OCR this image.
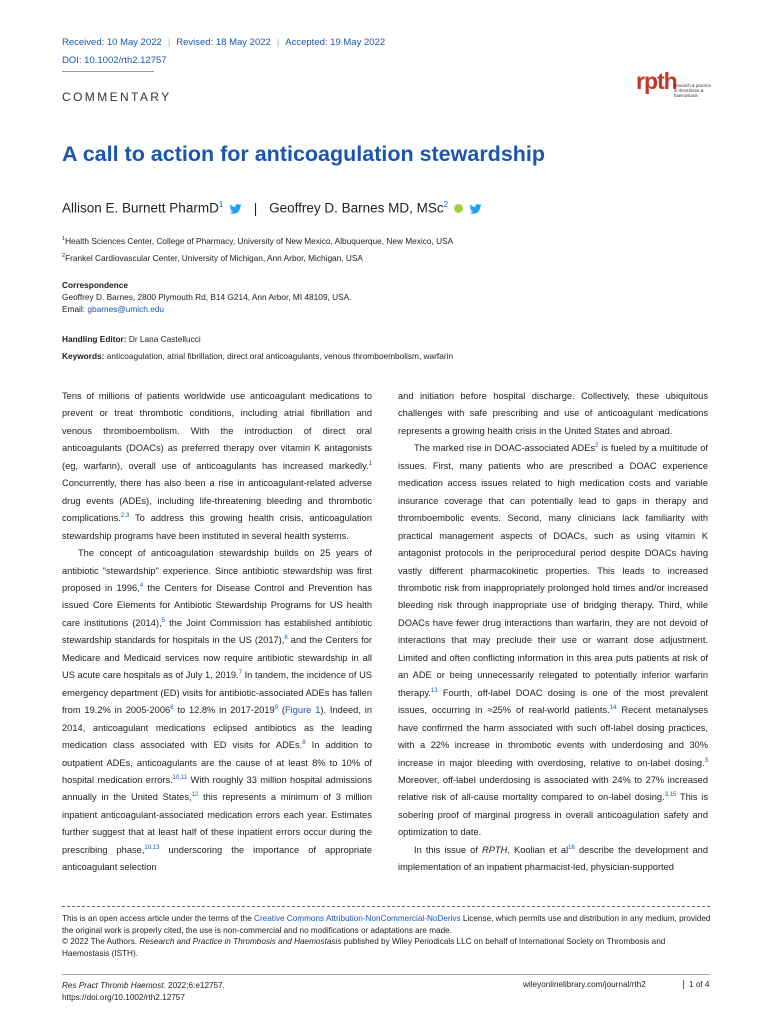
Received: 10 May 2022 | Revised: 18 May 2022 | Accepted: 19 May 2022
DOI: 10.1002/rth2.12757
rpth
research & practice in thrombosis & haemostasis
COMMENTARY
A call to action for anticoagulation stewardship
Allison E. Burnett PharmD$^1$ | Geoffrey D. Barnes MD, MSc$^2$
$^1$Health Sciences Center, College of Pharmacy, University of New Mexico, Albuquerque, New Mexico, USA
$^2$Frankel Cardiovascular Center, University of Michigan, Ann Arbor, Michigan, USA
Correspondence
Geoffrey D. Barnes, 2800 Plymouth Rd, B14 G214, Ann Arbor, MI 48109, USA.
Email: gbarnes@umich.edu
Handling Editor: Dr Lana Castellucci
Keywords: anticoagulation, atrial fibrillation, direct oral anticoagulants, venous thromboembolism, warfarin

Tens of millions of patients worldwide use anticoagulant medications to prevent or treat thrombotic conditions, including atrial fibrillation and venous thromboembolism. With the introduction of direct oral anticoagulants (DOACs) as preferred therapy over vitamin K antagonists (eg, warfarin), overall use of anticoagulants has increased markedly.$^1$ Concurrently, there has also been a rise in anticoagulant-related adverse drug events (ADEs), including life-threatening bleeding and thrombotic complications.$^{2,3}$ To address this growing health crisis, anticoagulation stewardship programs have been instituted in several health systems.

The concept of anticoagulation stewardship builds on 25 years of antibiotic "stewardship" experience. Since antibiotic stewardship was first proposed in 1996,$^4$ the Centers for Disease Control and Prevention has issued Core Elements for Antibiotic Stewardship Programs for US health care institutions (2014),$^5$ the Joint Commission has established antibiotic stewardship standards for hospitals in the US (2017),$^6$ and the Centers for Medicare and Medicaid services now require antibiotic stewardship in all US acute care hospitals as of July 1, 2019.$^7$ In tandem, the incidence of US emergency department (ED) visits for antibiotic-associated ADEs has fallen from 19.2% in 2005-2006$^8$ to 12.8% in 2017-2019$^9$ (Figure 1). Indeed, in 2014, anticoagulant medications eclipsed antibiotics as the leading medication class associated with ED visits for ADEs.$^8$ In addition to outpatient ADEs, anticoagulants are the cause of at least 8% to 10% of hospital medication errors.$^{10,11}$ With roughly 33 million hospital admissions annually in the United States,$^{12}$ this represents a minimum of 3 million inpatient anticoagulant-associated medication errors each year. Estimates further suggest that at least half of these inpatient errors occur during the prescribing phase,$^{10,13}$ underscoring the importance of appropriate anticoagulant selection

and initiation before hospital discharge. Collectively, these ubiquitous challenges with safe prescribing and use of anticoagulant medications represents a growing health crisis in the United States and abroad.

The marked rise in DOAC-associated ADEs$^2$ is fueled by a multitude of issues. First, many patients who are prescribed a DOAC experience medication access issues related to high medication costs and variable insurance coverage that can potentially lead to gaps in therapy and thromboembolic events. Second, many clinicians lack familiarity with practical management aspects of DOACs, such as using vitamin K antagonist protocols in the periprocedural period despite DOACs having vastly different pharmacokinetic properties. This leads to increased thrombotic risk from inappropriately prolonged hold times and/or increased bleeding risk through inappropriate use of bridging therapy. Third, while DOACs have fewer drug interactions than warfarin, they are not devoid of interactions that may preclude their use or warrant dose adjustment. Limited and often conflicting information in this area puts patients at risk of an ADE or being unnecessarily relegated to potentially inferior warfarin therapy.$^{13}$ Fourth, off-label DOAC dosing is one of the most prevalent issues, occurring in ≈25% of real-world patients.$^{14}$ Recent metanalyses have confirmed the harm associated with such off-label dosing practices, with a 22% increase in thrombotic events with underdosing and 30% increase in major bleeding with overdosing, relative to on-label dosing.$^3$ Moreover, off-label underdosing is associated with 24% to 27% increased relative risk of all-cause mortality compared to on-label dosing.$^{3,15}$ This is sobering proof of marginal progress in overall anticoagulation safety and optimization to date.

In this issue of RPTH, Koolian et $al^{16}$ describe the development and implementation of an inpatient pharmacist-led, physician-supported

This is an open access article under the terms of the Creative Commons Attribution-NonCommercial-NoDerivs License, which permits use and distribution in any medium, provided the original work is properly cited, the use is non-commercial and no modifications or adaptations are made.
© 2022 The Authors. Research and Practice in Thrombosis and Haemostasis published by Wiley Periodicals LLC on behalf of International Society on Thrombosis and Haemostasis (ISTH).
Res Pract Thromb Haemost. 2022;6:e12757.
https://doi.org/10.1002/rth2.12757
wileyonlinelibrary.com/journal/rth2	1 of 4
